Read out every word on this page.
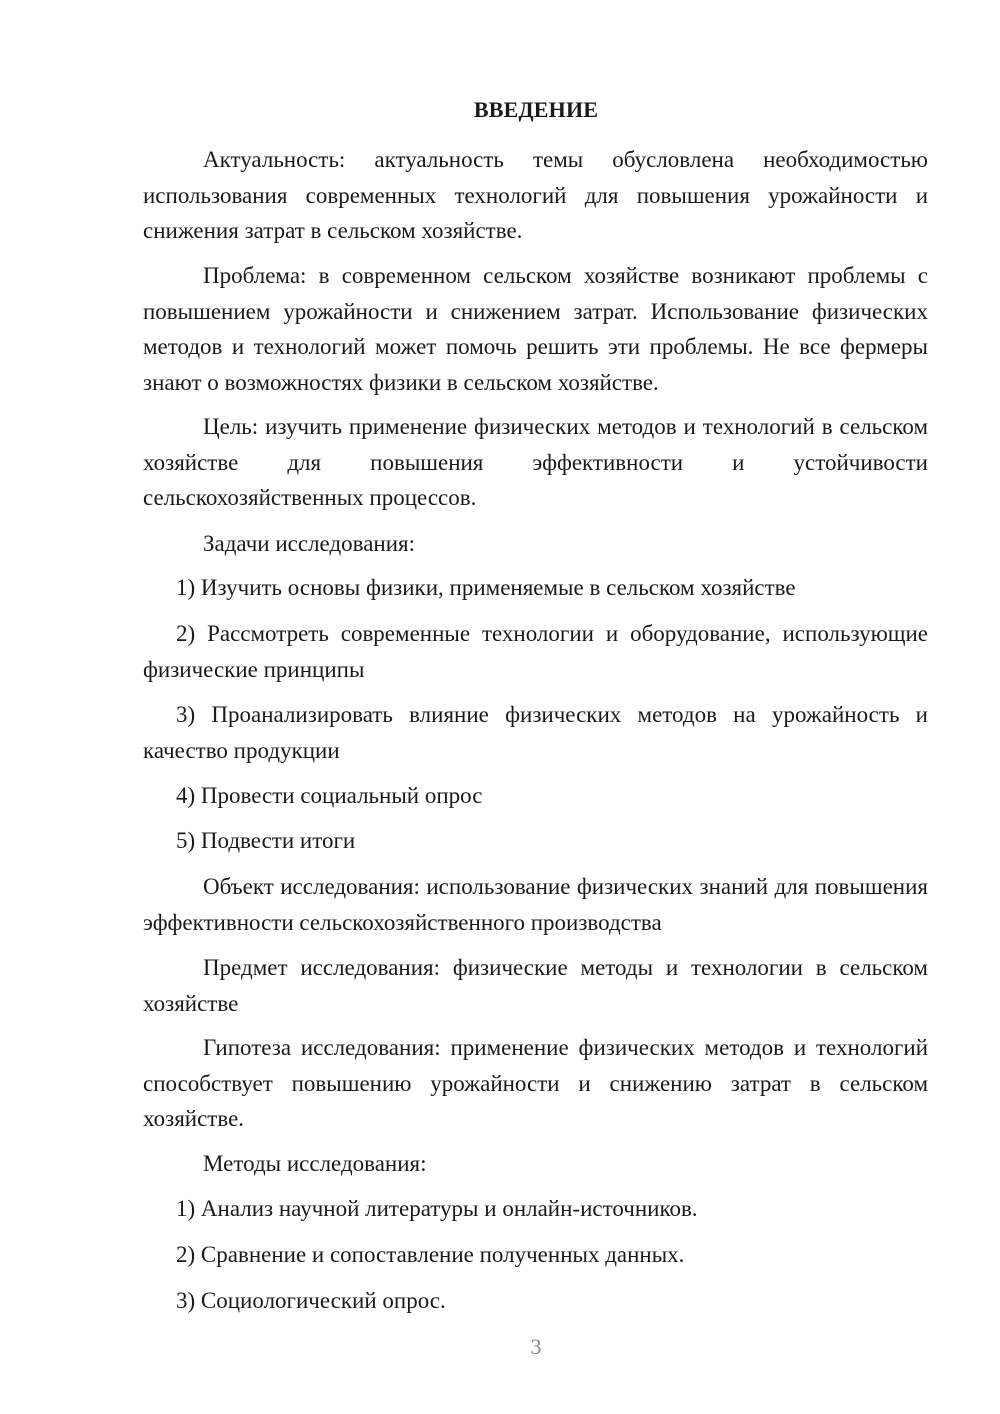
ВВЕДЕНИЕ
Актуальность: актуальность темы обусловлена необходимостью использования современных технологий для повышения урожайности и снижения затрат в сельском хозяйстве.
Проблема: в современном сельском хозяйстве возникают проблемы с повышением урожайности и снижением затрат. Использование физических методов и технологий может помочь решить эти проблемы. Не все фермеры знают о возможностях физики в сельском хозяйстве.
Цель: изучить применение физических методов и технологий в сельском хозяйстве для повышения эффективности и устойчивости сельскохозяйственных процессов.
Задачи исследования:
1) Изучить основы физики, применяемые в сельском хозяйстве
2) Рассмотреть современные технологии и оборудование, использующие физические принципы
3) Проанализировать влияние физических методов на урожайность и качество продукции
4) Провести социальный опрос
5) Подвести итоги
Объект исследования: использование физических знаний для повышения эффективности сельскохозяйственного производства
Предмет исследования: физические методы и технологии в сельском хозяйстве
Гипотеза исследования: применение физических методов и технологий способствует повышению урожайности и снижению затрат в сельском хозяйстве.
Методы исследования:
1) Анализ научной литературы и онлайн-источников.
2) Сравнение и сопоставление полученных данных.
3) Социологический опрос.
3
